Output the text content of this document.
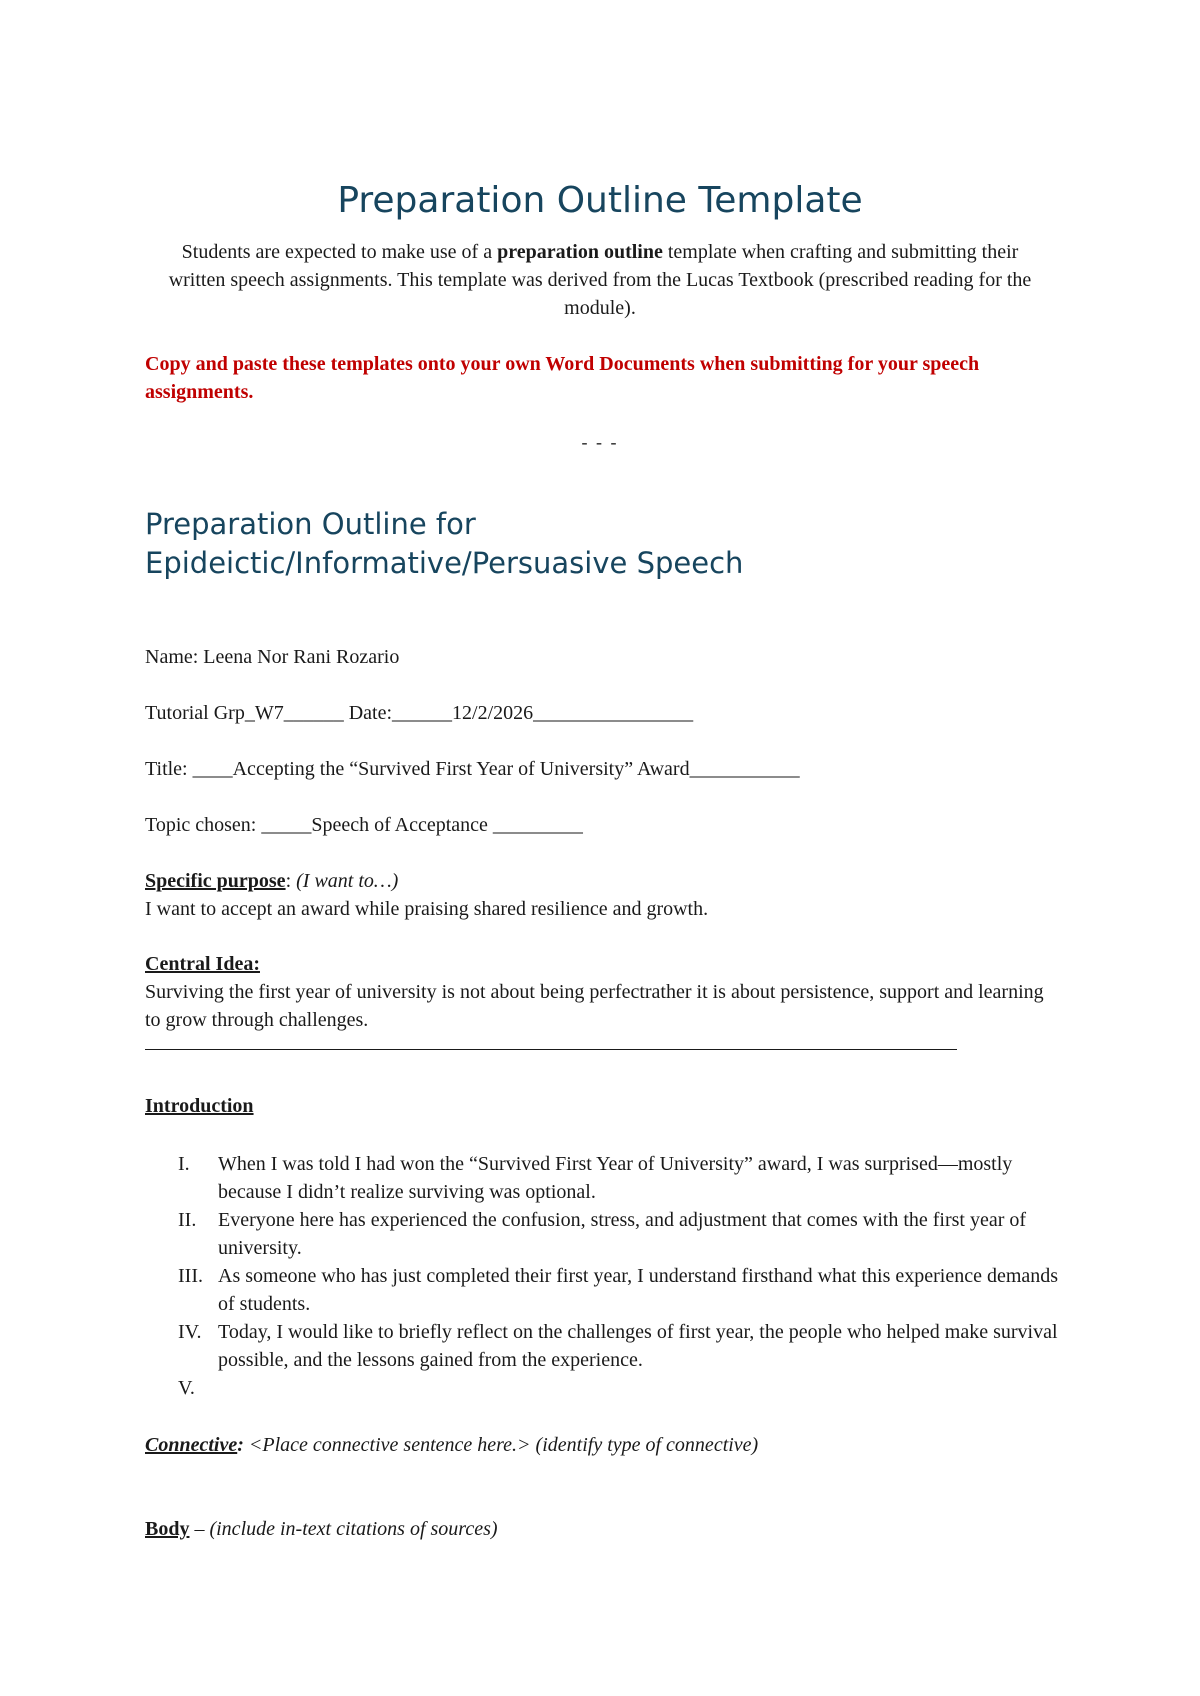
Preparation Outline Template

Students are expected to make use of a preparation outline template when crafting and submitting their written speech assignments. This template was derived from the Lucas Textbook (prescribed reading for the module).

Copy and paste these templates onto your own Word Documents when submitting for your speech assignments.

- - -

Preparation Outline for
Epideictic/Informative/Persuasive Speech

Name: Leena Nor Rani Rozario

Tutorial Grp_W7______ Date:______12/2/2026________________

Title: ____Accepting the “Survived First Year of University” Award___________

Topic chosen: _____Speech of Acceptance _________

Specific purpose: (I want to…)
I want to accept an award while praising shared resilience and growth.

Central Idea:
Surviving the first year of university is not about being perfectrather it is about persistence, support and learning to grow through challenges.

Introduction

I. When I was told I had won the “Survived First Year of University” award, I was surprised—mostly because I didn’t realize surviving was optional.
II. Everyone here has experienced the confusion, stress, and adjustment that comes with the first year of university.
III. As someone who has just completed their first year, I understand firsthand what this experience demands of students.
IV. Today, I would like to briefly reflect on the challenges of first year, the people who helped make survival possible, and the lessons gained from the experience.
V.

Connective: <Place connective sentence here.> (identify type of connective)

Body – (include in-text citations of sources)
